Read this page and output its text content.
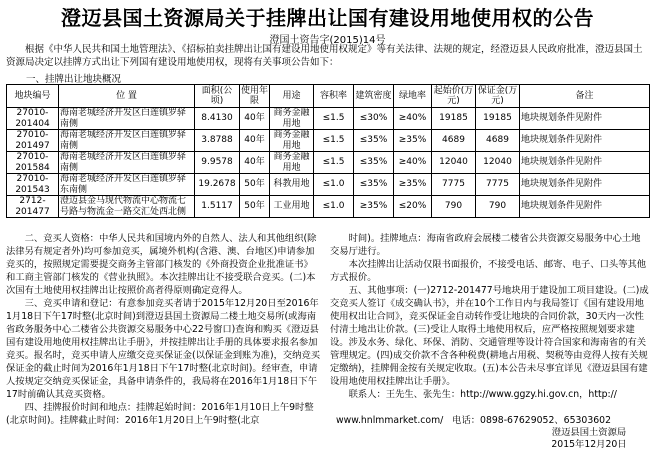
澄迈县国土资源局关于挂牌出让国有建设用地使用权的公告
澄国土资告字(2015)14号
根据《中华人民共和国土地管理法》、《招标拍卖挂牌出让国有建设用地使用权规定》等有关法律、法规的规定，经澄迈县人民政府批准，澄迈县国土资源局决定以挂牌方式出让下列国有建设用地使用权，现将有关事项公告如下：
一、挂牌出让地块概况
地块编号	位 置	面积(公顷)	使用年限	用途	容积率	建筑密度	绿地率	起始价(万元)	保证金(万元)	备注
27010-201404	海南老城经济开发区白莲镇罗驿南侧	8.4130	40年	商务金融用地	≤1.5	≤30%	≥40%	19185	19185	地块规划条件见附件
27010-201497	海南老城经济开发区白莲镇罗驿南侧	3.8788	40年	商务金融用地	≤1.5	≤35%	≥35%	4689	4689	地块规划条件见附件
27010-201584	海南老城经济开发区白莲镇罗驿南侧	9.9578	40年	商务金融用地	≤1.5	≤35%	≥40%	12040	12040	地块规划条件见附件
27010-201543	海南老城经济开发区白莲镇罗驿东南侧	19.2678	50年	科教用地	≤1.0	≤35%	≥35%	7775	7775	地块规划条件见附件
2712-201477	澄迈县金马现代物流中心物流七号路与物流金一路交汇处西北侧	1.5117	50年	工业用地	≤1.0	≥35%	≤20%	790	790	地块规划条件见附件

二、竞买人资格：中华人民共和国境内外的自然人、法人和其他组织(除法律另有规定者外)均可参加竞买，属境外机构(含港、澳、台地区)申请参加竞买的，按照规定需要提交商务主管部门核发的《外商投资企业批准证书》和工商主管部门核发的《营业执照》。本次挂牌出让不接受联合竞买。(二)本次国有土地使用权挂牌出让按照价高者得原则确定竞得人。

三、竞买申请和登记：有意参加竞买者请于2015年12月20日至2016年1月18日下午17时整(北京时间)到澄迈县国土资源局二楼土地交易所(或海南省政务服务中心二楼省公共资源交易服务中心22号窗口)查询和购买《澄迈县国有建设用地使用权挂牌出让手册》，并按挂牌出让手册的具体要求报名参加竞买。报名时，竞买申请人应缴交竞买保证金(以保证金到账为准)，交纳竞买保证金的截止时间为2016年1月18日下午17时整(北京时间)。经审查，申请人按规定交纳竞买保证金，具备申请条件的，我局将在2016年1月18日下午17时前确认其竞买资格。

四、挂牌报价时间和地点：挂牌起始时间：2016年1月10日上午9时整(北京时间)。挂牌截止时间：2016年1月20日上午9时整(北京

时间)。挂牌地点：海南省政府会展楼二楼省公共资源交易服务中心土地交易厅进行。

本次挂牌出让活动仅限书面报价，不接受电话、邮寄、电子、口头等其他方式报价。

五、其他事项：(一)2712-201477号地块用于建设加工项目建设。(二)成交竞买人签订《成交确认书》，并在10个工作日内与我局签订《国有建设用地使用权出让合同》，竞买保证金自动转作受让地块的合同价款，30天内一次性付清土地出让价款。(三)受让人取得土地使用权后，应严格按照规划要求建设。涉及水务、绿化、环保、消防、交通管理等设计符合国家和海南省的有关管理规定。(四)成交价款不含各种税费(耕地占用税、契税等由竞得人按有关规定缴纳)，挂牌佣金按有关规定收取。(五)本公告未尽事宜详见《澄迈县国有建设用地使用权挂牌出让手册》。

联系人：王先生、张先生：http://www.ggzy.hi.gov.cn，http://

www.hnlmmarket.com/ 电话：0898-67629052、65303602
澄迈县国土资源局
2015年12月20日
